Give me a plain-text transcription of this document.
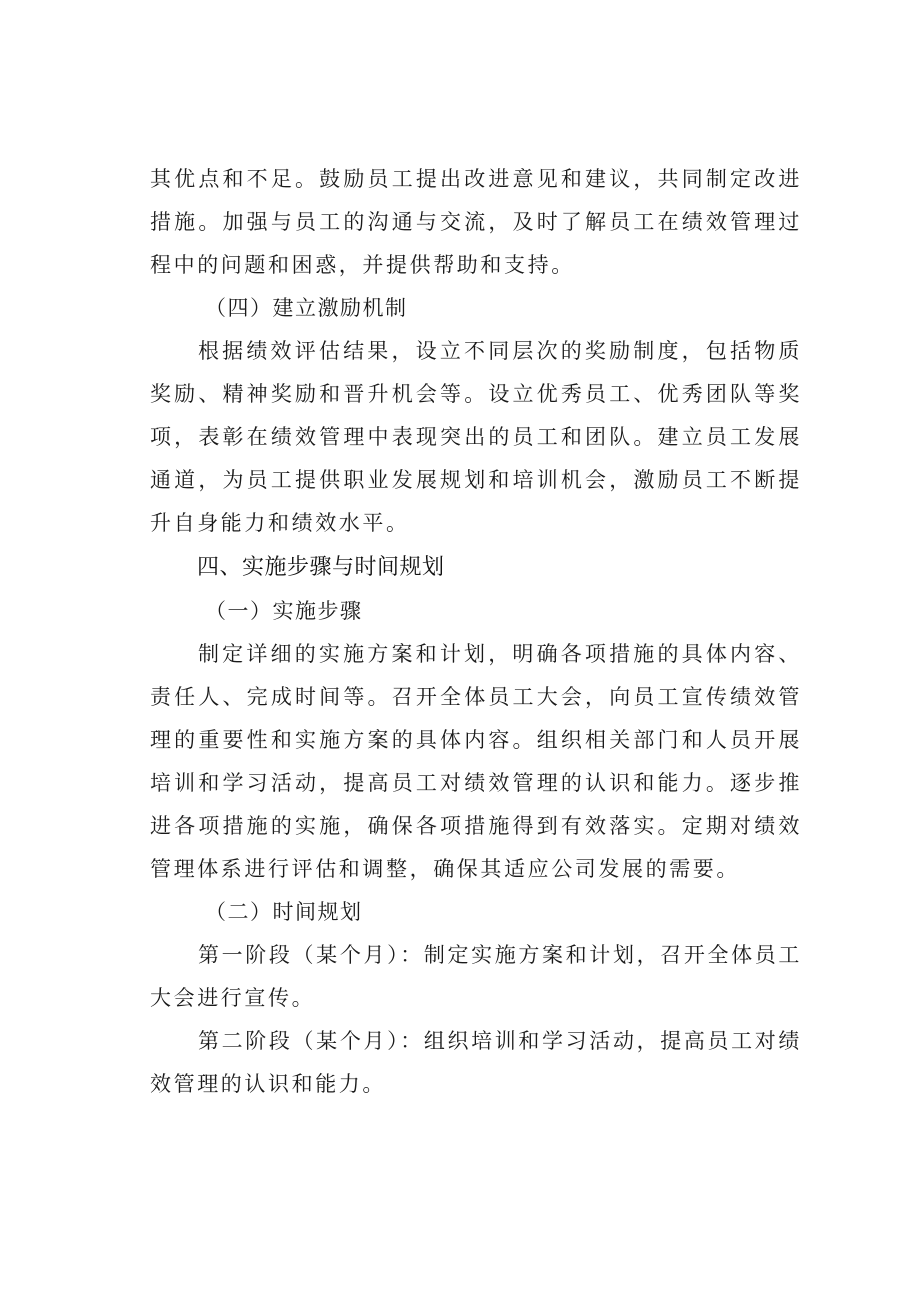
其优点和不足。鼓励员工提出改进意见和建议，共同制定改进措施。加强与员工的沟通与交流，及时了解员工在绩效管理过程中的问题和困惑，并提供帮助和支持。

（四）建立激励机制

根据绩效评估结果，设立不同层次的奖励制度，包括物质奖励、精神奖励和晋升机会等。设立优秀员工、优秀团队等奖项，表彰在绩效管理中表现突出的员工和团队。建立员工发展通道，为员工提供职业发展规划和培训机会，激励员工不断提升自身能力和绩效水平。

四、实施步骤与时间规划

（一）实施步骤

制定详细的实施方案和计划，明确各项措施的具体内容、责任人、完成时间等。召开全体员工大会，向员工宣传绩效管理的重要性和实施方案的具体内容。组织相关部门和人员开展培训和学习活动，提高员工对绩效管理的认识和能力。逐步推进各项措施的实施，确保各项措施得到有效落实。定期对绩效管理体系进行评估和调整，确保其适应公司发展的需要。

（二）时间规划

第一阶段（某个月）：制定实施方案和计划，召开全体员工大会进行宣传。

第二阶段（某个月）：组织培训和学习活动，提高员工对绩效管理的认识和能力。
